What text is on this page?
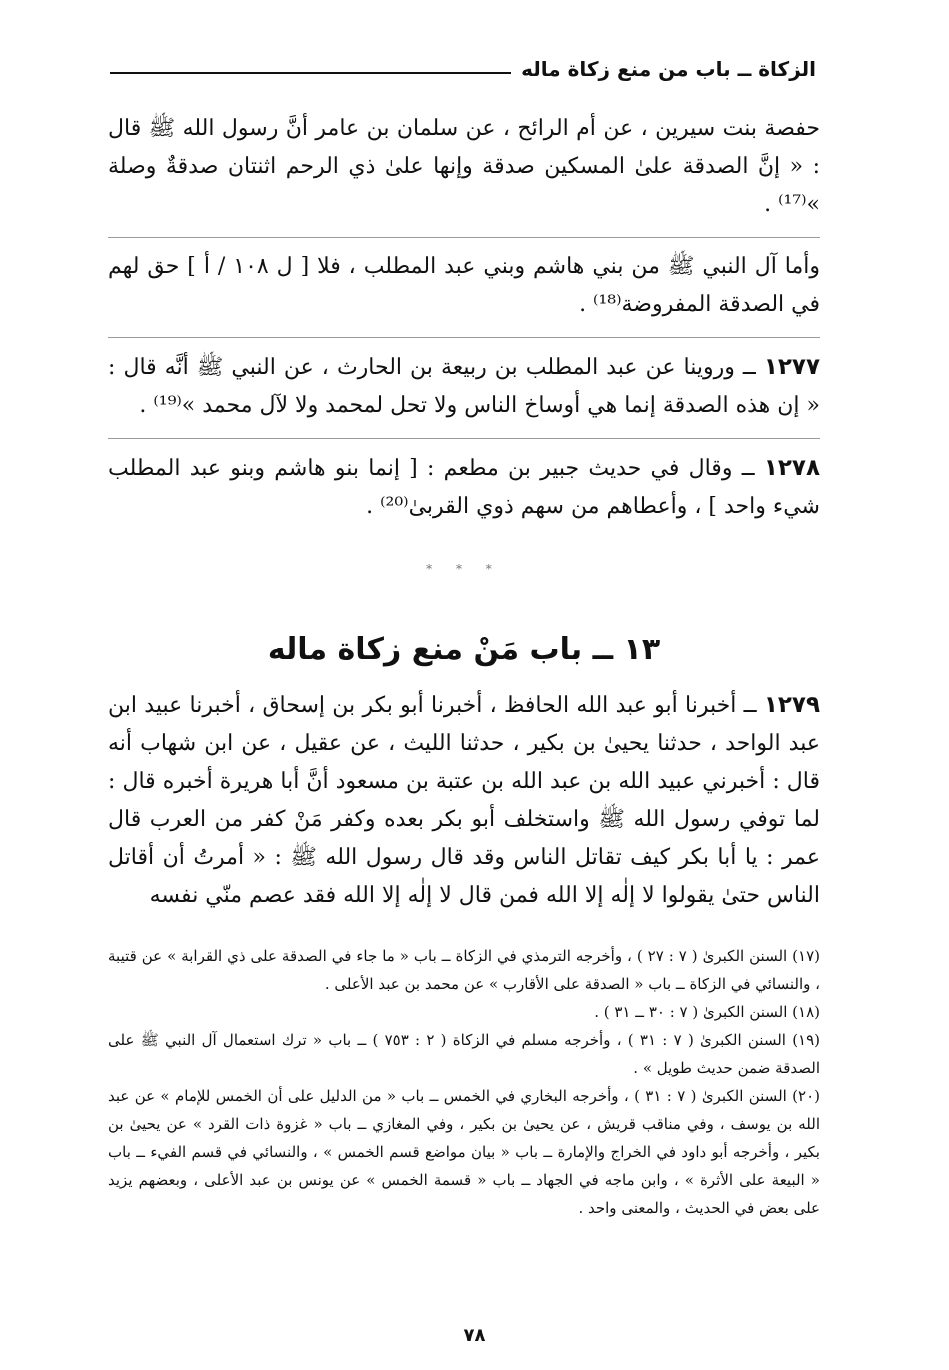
الزكاة ــ باب من منع زكاة ماله

حفصة بنت سيرين ، عن أم الرائح ، عن سلمان بن عامر أنَّ رسول الله ﷺ قال : « إنَّ الصدقة علىٰ المسكين صدقة وإنها علىٰ ذي الرحم اثنتان صدقةٌ وصلة »⁽¹⁷⁾ .

وأما آل النبي ﷺ من بني هاشم وبني عبد المطلب ، فلا [ ل ١٠٨ / أ ] حق لهم في الصدقة المفروضة⁽¹⁸⁾ .

١٢٧٧ ــ وروينا عن عبد المطلب بن ربيعة بن الحارث ، عن النبي ﷺ أنَّه قال : « إن هذه الصدقة إنما هي أوساخ الناس ولا تحل لمحمد ولا لآل محمد »⁽¹⁹⁾ .

١٢٧٨ ــ وقال في حديث جبير بن مطعم : [ إنما بنو هاشم وبنو عبد المطلب شيء واحد ] ، وأعطاهم من سهم ذوي القربىٰ⁽²⁰⁾ .

* * *
١٣ ــ باب مَنْ منع زكاة ماله

١٢٧٩ ــ أخبرنا أبو عبد الله الحافظ ، أخبرنا أبو بكر بن إسحاق ، أخبرنا عبيد ابن عبد الواحد ، حدثنا يحيىٰ بن بكير ، حدثنا الليث ، عن عقيل ، عن ابن شهاب أنه قال : أخبرني عبيد الله بن عبد الله بن عتبة بن مسعود أنَّ أبا هريرة أخبره قال : لما توفي رسول الله ﷺ واستخلف أبو بكر بعده وكفر مَنْ كفر من العرب قال عمر : يا أبا بكر كيف تقاتل الناس وقد قال رسول الله ﷺ : « أمرتُ أن أقاتل الناس حتىٰ يقولوا لا إلٰه إلا الله فمن قال لا إلٰه إلا الله فقد عصم منّي نفسه

(١٧) السنن الكبرىٰ ( ٧ : ٢٧ ) ، وأخرجه الترمذي في الزكاة ــ باب « ما جاء في الصدقة على ذي القرابة » عن قتيبة ، والنسائي في الزكاة ــ باب « الصدقة على الأقارب » عن محمد بن عبد الأعلى .

(١٨) السنن الكبرىٰ ( ٧ : ٣٠ ــ ٣١ ) .

(١٩) السنن الكبرىٰ ( ٧ : ٣١ ) ، وأخرجه مسلم في الزكاة ( ٢ : ٧٥٣ ) ــ باب « ترك استعمال آل النبي ﷺ على الصدقة ضمن حديث طويل » .

(٢٠) السنن الكبرىٰ ( ٧ : ٣١ ) ، وأخرجه البخاري في الخمس ــ باب « من الدليل على أن الخمس للإمام » عن عبد الله بن يوسف ، وفي مناقب قريش ، عن يحيىٰ بن بكير ، وفي المغازي ــ باب « غزوة ذات القرد » عن يحيىٰ بن بكير ، وأخرجه أبو داود في الخراج والإمارة ــ باب « بيان مواضع قسم الخمس » ، والنسائي في قسم الفيء ــ باب « البيعة على الأثرة » ، وابن ماجه في الجهاد ــ باب « قسمة الخمس » عن يونس بن عبد الأعلى ، وبعضهم يزيد على بعض في الحديث ، والمعنى واحد .

٧٨
